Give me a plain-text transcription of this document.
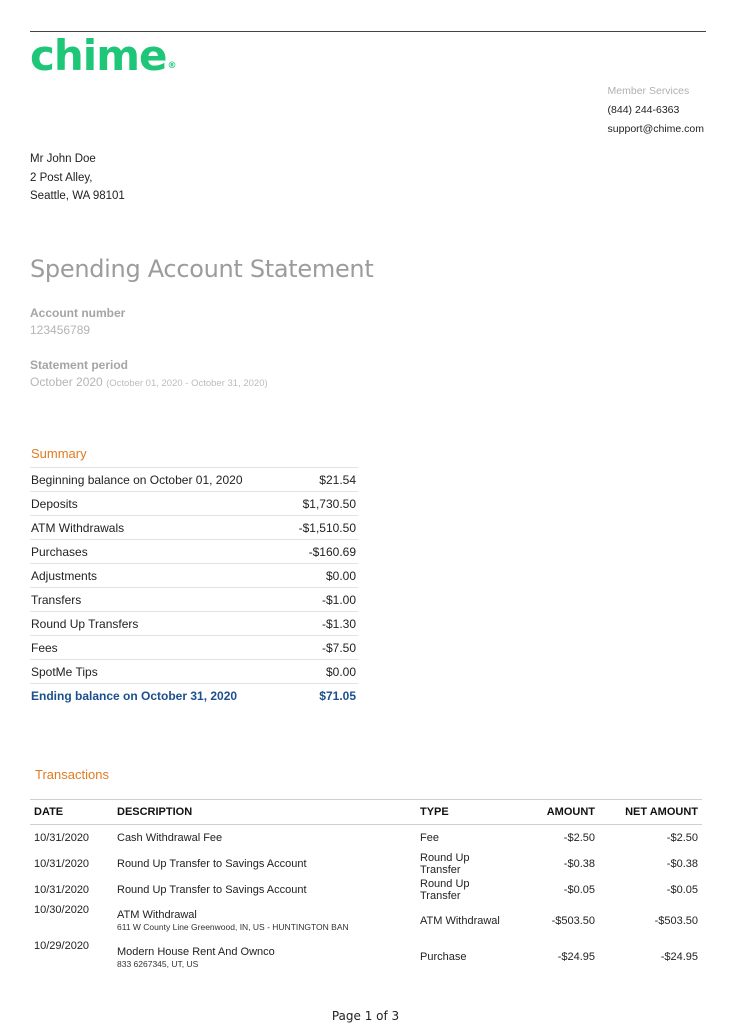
chime®
Member Services
(844) 244-6363
support@chime.com
Mr John Doe
2 Post Alley,
Seattle, WA 98101
Spending Account Statement
Account number
123456789
Statement period
October 2020 (October 01, 2020 - October 31, 2020)
Summary
Beginning balance on October 01, 2020	$21.54
Deposits	$1,730.50
ATM Withdrawals	-$1,510.50
Purchases	-$160.69
Adjustments	$0.00
Transfers	-$1.00
Round Up Transfers	-$1.30
Fees	-$7.50
SpotMe Tips	$0.00
Ending balance on October 31, 2020	$71.05
Transactions
DATE	DESCRIPTION	TYPE	AMOUNT	NET AMOUNT
10/31/2020	Cash Withdrawal Fee	Fee	-$2.50	-$2.50
10/31/2020	Round Up Transfer to Savings Account	Round Up
Transfer	-$0.38	-$0.38
10/31/2020	Round Up Transfer to Savings Account	Round Up
Transfer	-$0.05	-$0.05
10/30/2020	ATM Withdrawal
611 W County Line Greenwood, IN, US - HUNTINGTON BAN	ATM Withdrawal	-$503.50	-$503.50
10/29/2020	Modern House Rent And Ownco
833 6267345, UT, US	Purchase	-$24.95	-$24.95
Page 1 of 3
